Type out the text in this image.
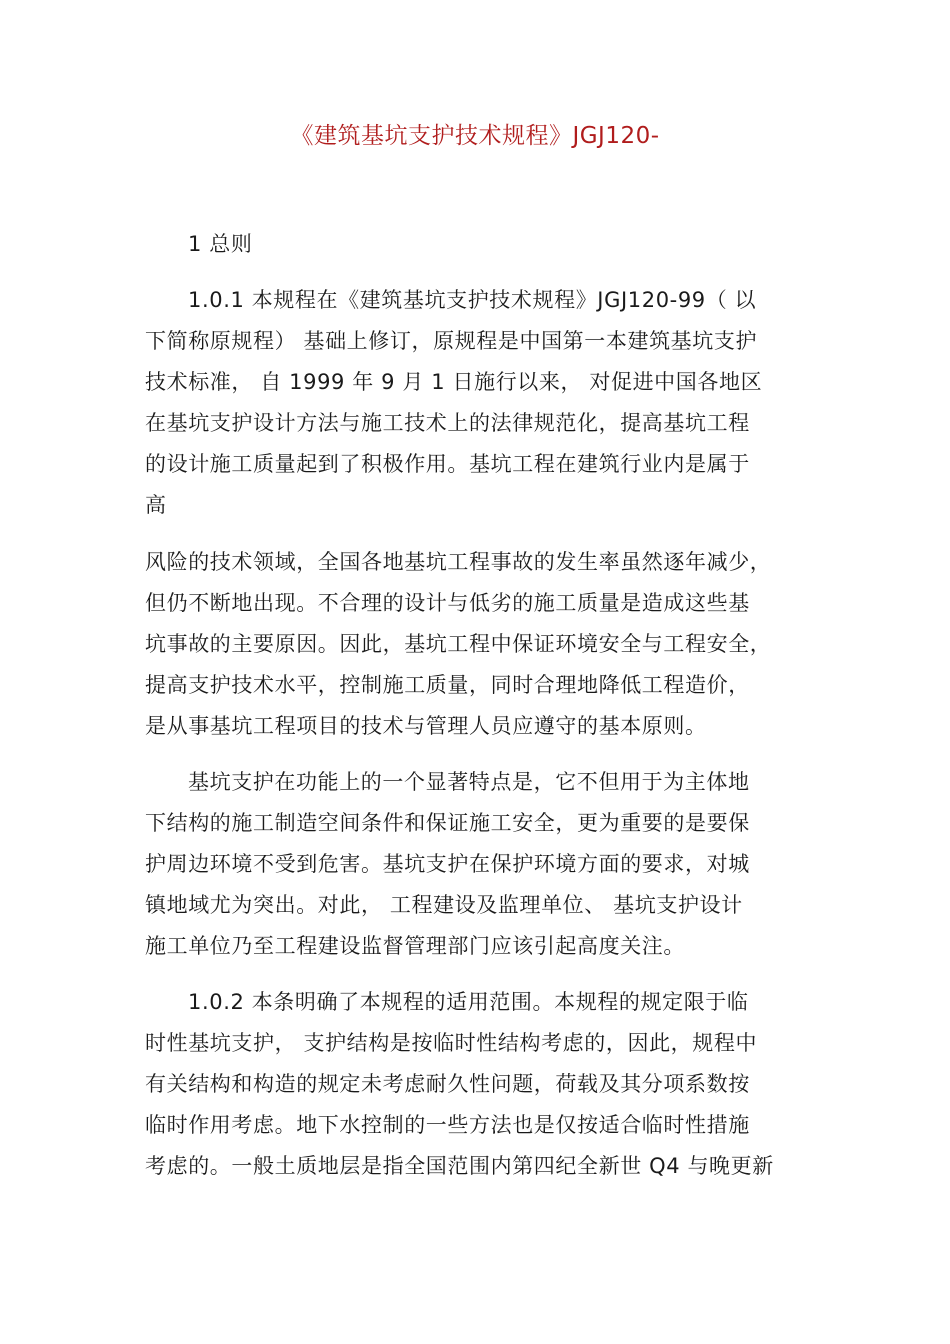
《建筑基坑支护技术规程》JGJ120-
1 总则
1.0.1 本规程在《建筑基坑支护技术规程》JGJ120-99（ 以
下简称原规程） 基础上修订，原规程是中国第一本建筑基坑支护
技术标准， 自 1999 年 9 月 1 日施行以来， 对促进中国各地区
在基坑支护设计方法与施工技术上的法律规范化，提高基坑工程
的设计施工质量起到了积极作用。基坑工程在建筑行业内是属于
高
风险的技术领域，全国各地基坑工程事故的发生率虽然逐年减少，
但仍不断地出现。不合理的设计与低劣的施工质量是造成这些基
坑事故的主要原因。因此，基坑工程中保证环境安全与工程安全，
提高支护技术水平，控制施工质量，同时合理地降低工程造价，
是从事基坑工程项目的技术与管理人员应遵守的基本原则。
基坑支护在功能上的一个显著特点是，它不但用于为主体地
下结构的施工制造空间条件和保证施工安全，更为重要的是要保
护周边环境不受到危害。基坑支护在保护环境方面的要求，对城
镇地域尤为突出。对此， 工程建设及监理单位、 基坑支护设计
施工单位乃至工程建设监督管理部门应该引起高度关注。
1.0.2 本条明确了本规程的适用范围。本规程的规定限于临
时性基坑支护， 支护结构是按临时性结构考虑的，因此，规程中
有关结构和构造的规定未考虑耐久性问题，荷载及其分项系数按
临时作用考虑。地下水控制的一些方法也是仅按适合临时性措施
考虑的。一般土质地层是指全国范围内第四纪全新世 Q4 与晚更新
